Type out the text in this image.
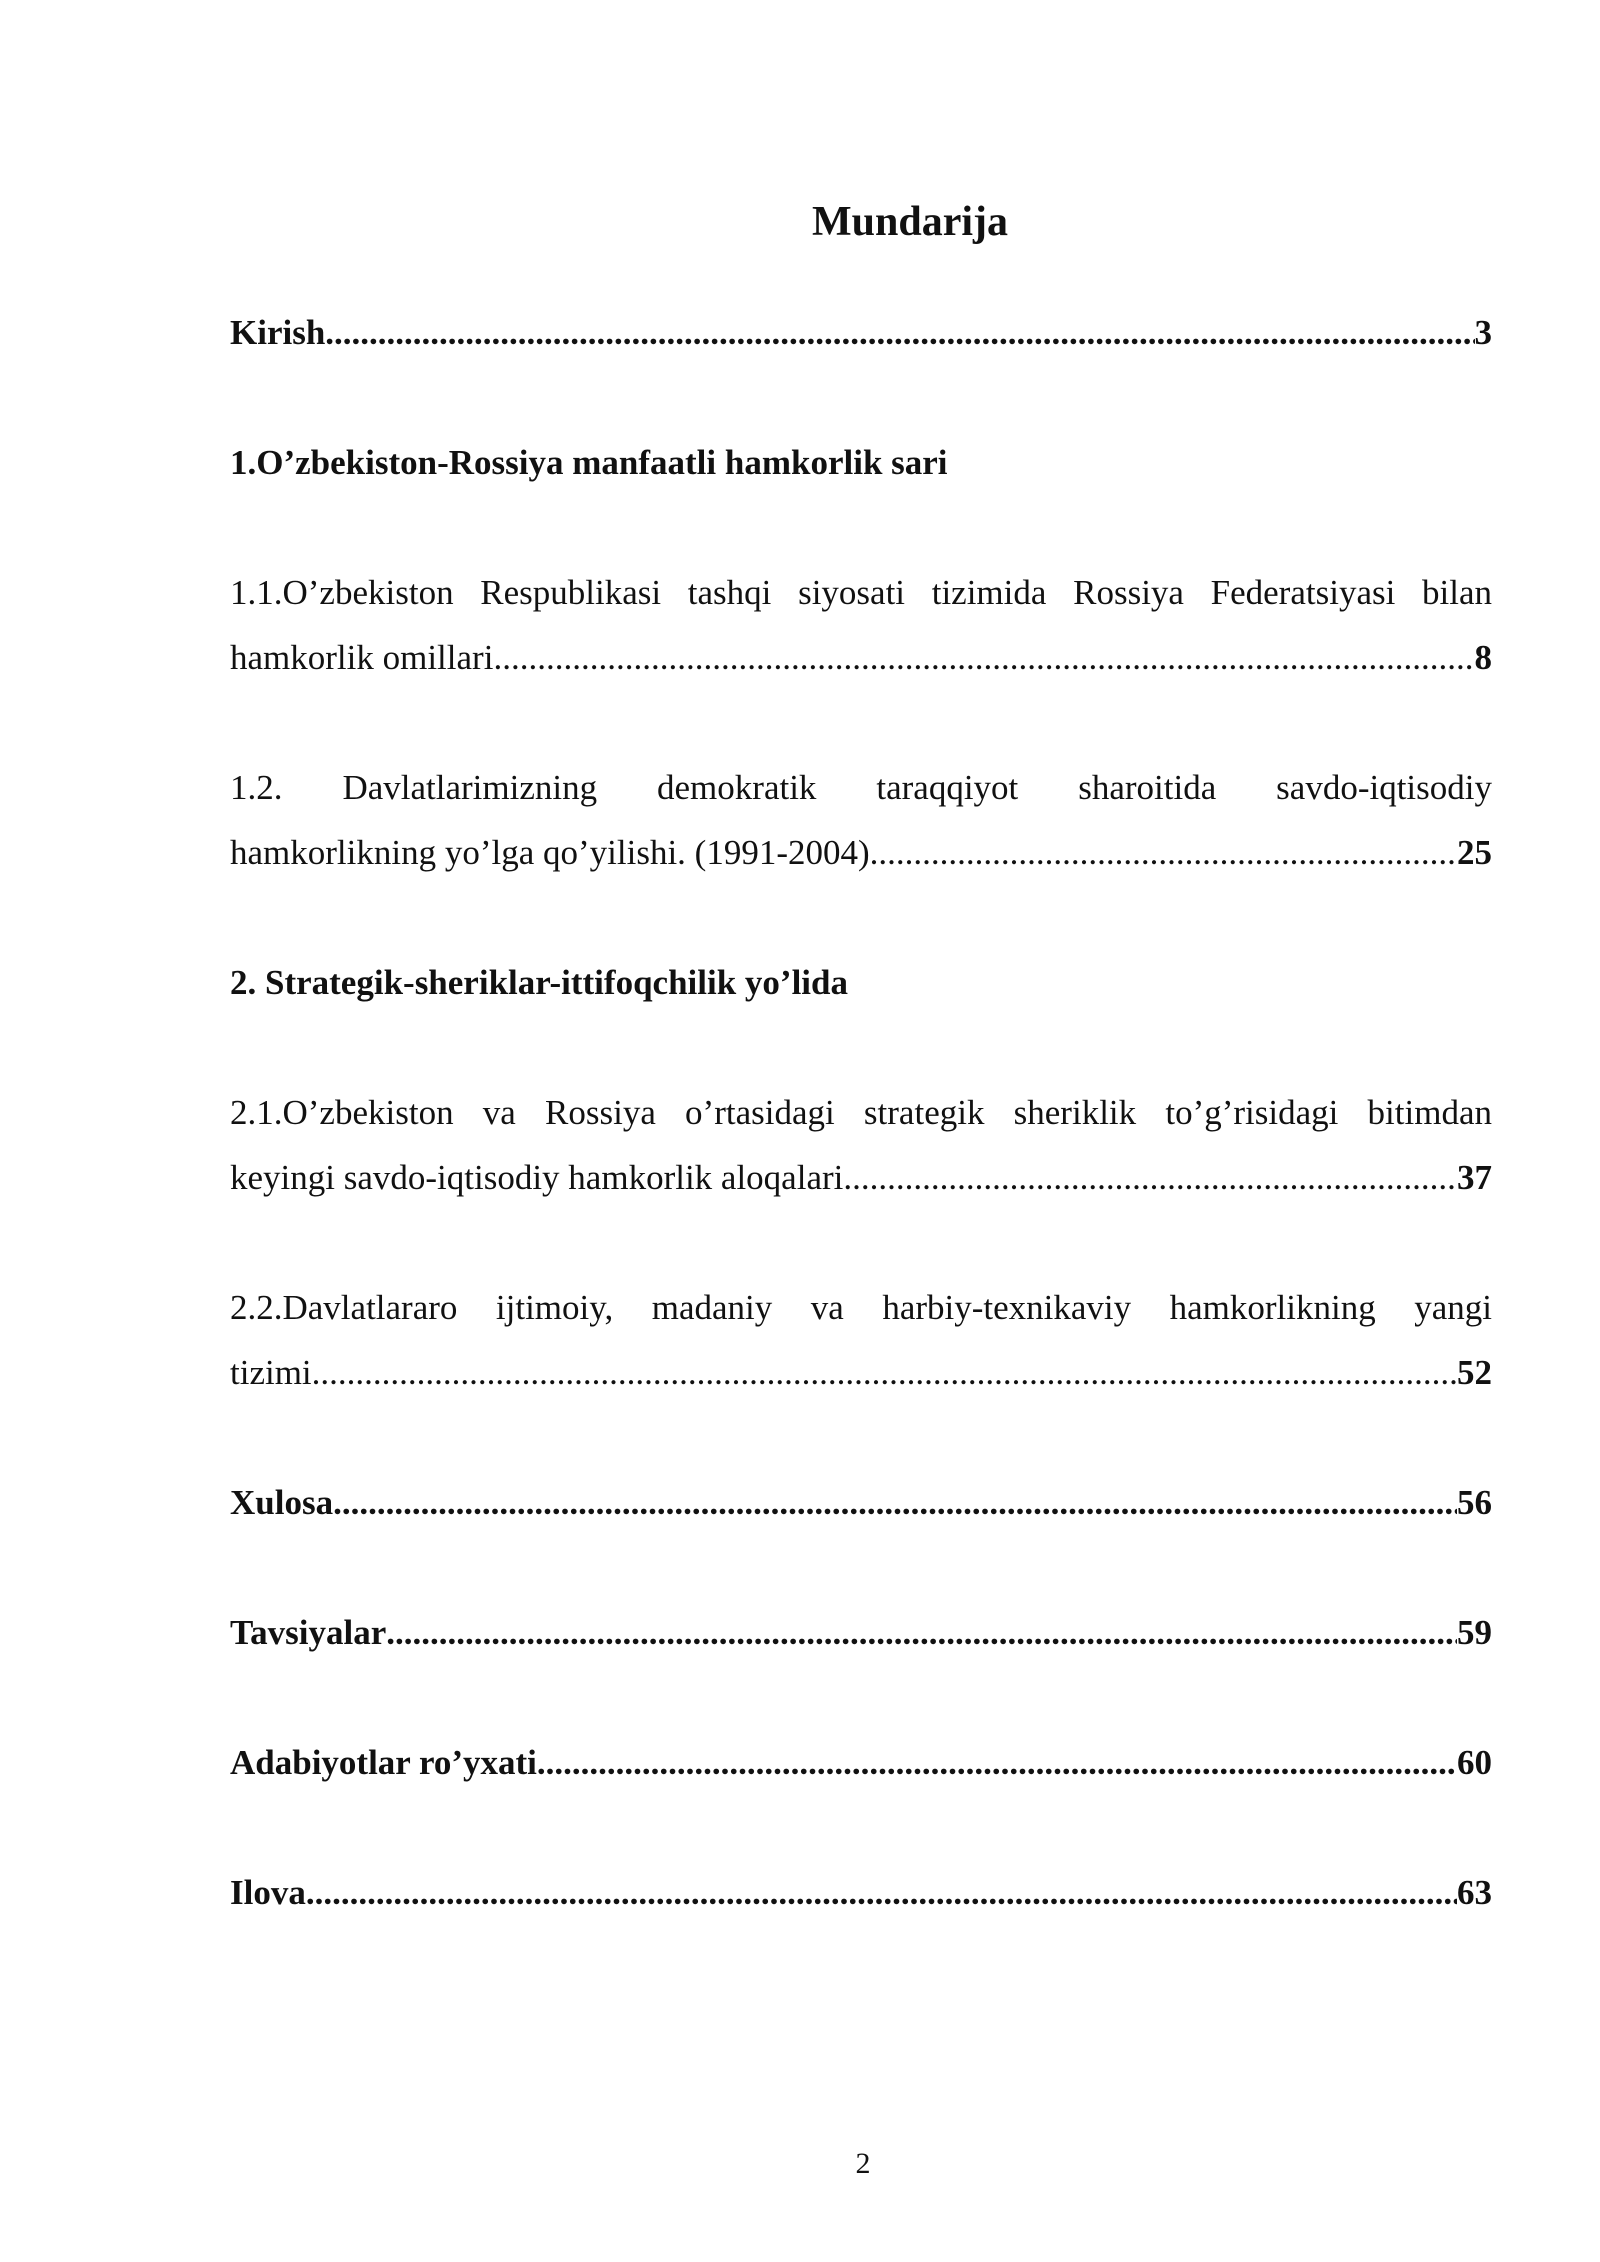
Mundarija
Kirish .....	3
1.O’zbekiston-Rossiya manfaatli hamkorlik sari
1.1.O’zbekiston Respublikasi tashqi siyosati tizimida Rossiya Federatsiyasi bilan
hamkorlik omillari .....	8
1.2. Davlatlarimizning demokratik taraqqiyot sharoitida savdo-iqtisodiy
hamkorlikning yo’lga qo’yilishi. (1991-2004) .....	25
2. Strategik-sheriklar-ittifoqchilik yo’lida
2.1.O’zbekiston va Rossiya o’rtasidagi strategik sheriklik to’g’risidagi bitimdan
keyingi savdo-iqtisodiy hamkorlik aloqalari .....	37
2.2.Davlatlararo ijtimoiy, madaniy va harbiy-texnikaviy hamkorlikning yangi
tizimi .....	52
Xulosa .....	56
Tavsiyalar .....	59
Adabiyotlar ro’yxati .....	60
Ilova .....	63
2
